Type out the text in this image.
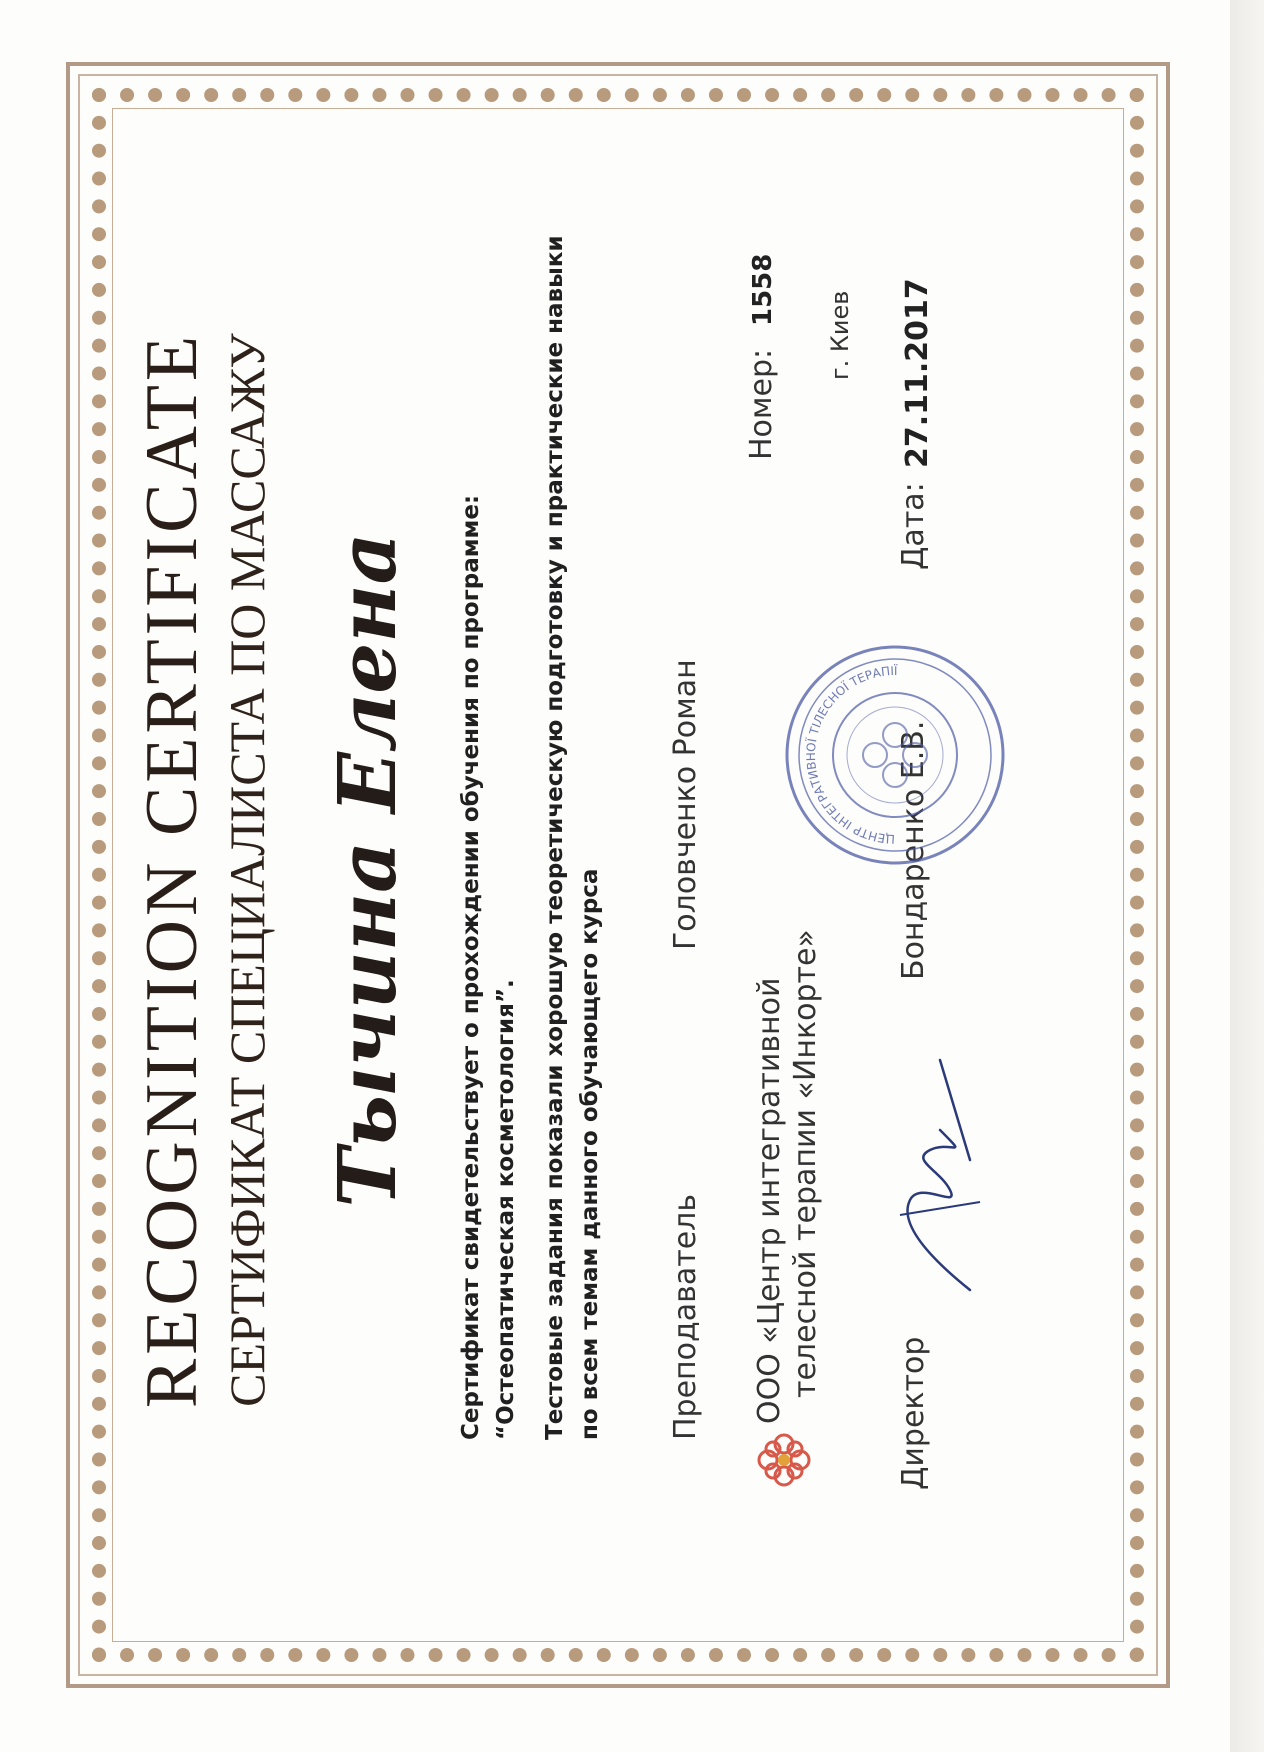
RECOGNITION CERTIFICATE СЕРТИФИКАТ СПЕЦИАЛИСТА ПО МАССАЖУ Тычина Елена Сертификат свидетельствует о прохождении обучения по программе: “Остеопатическая косметология”. Тестовые задания показали хорошую теоретическую подготовку и практические навыки по всем темам данного обучающего курса Преподаватель
Головченко Роман
Номер:
1558
ООО «Центр интегративной телесной терапии «Инкорте»
г. Киев
Директор
Бондаренко Е.В.
ЦЕНТР ІНТЕГРАТИВНОЇ ТІЛЕСНОЇ ТЕРАПІЇ
Дата:
27.11.2017
